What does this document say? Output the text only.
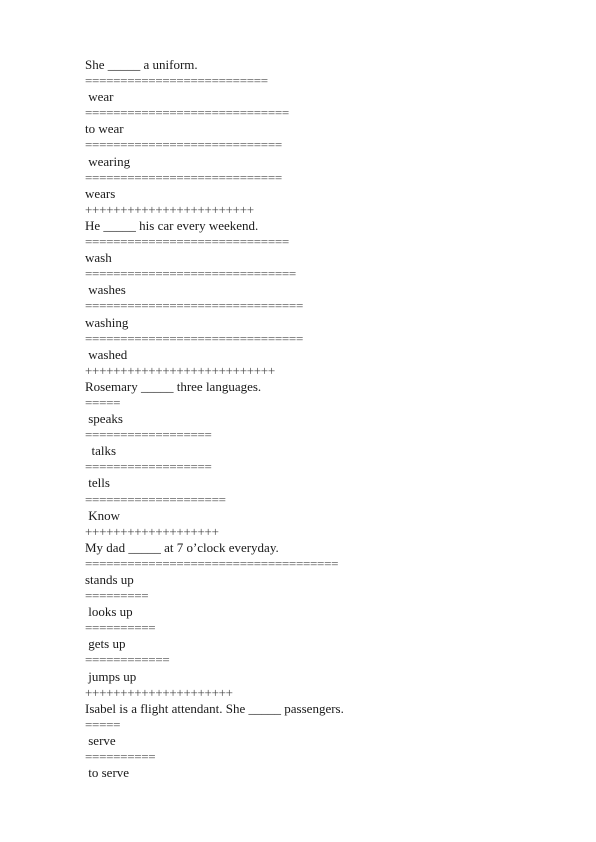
She _____ a uniform.
==========================
wear
=============================
to wear
============================
wearing
============================
wears
++++++++++++++++++++++++
He _____ his car every weekend.
=============================
wash
==============================
washes
===============================
washing
===============================
washed
+++++++++++++++++++++++++++
Rosemary _____ three languages.
=====
speaks
==================
talks
==================
tells
====================
Know
+++++++++++++++++++
My dad _____ at 7 o’clock everyday.
====================================
stands up
=========
looks up
==========
gets up
============
jumps up
+++++++++++++++++++++
Isabel is a flight attendant. She _____ passengers.
=====
serve
==========
to serve
